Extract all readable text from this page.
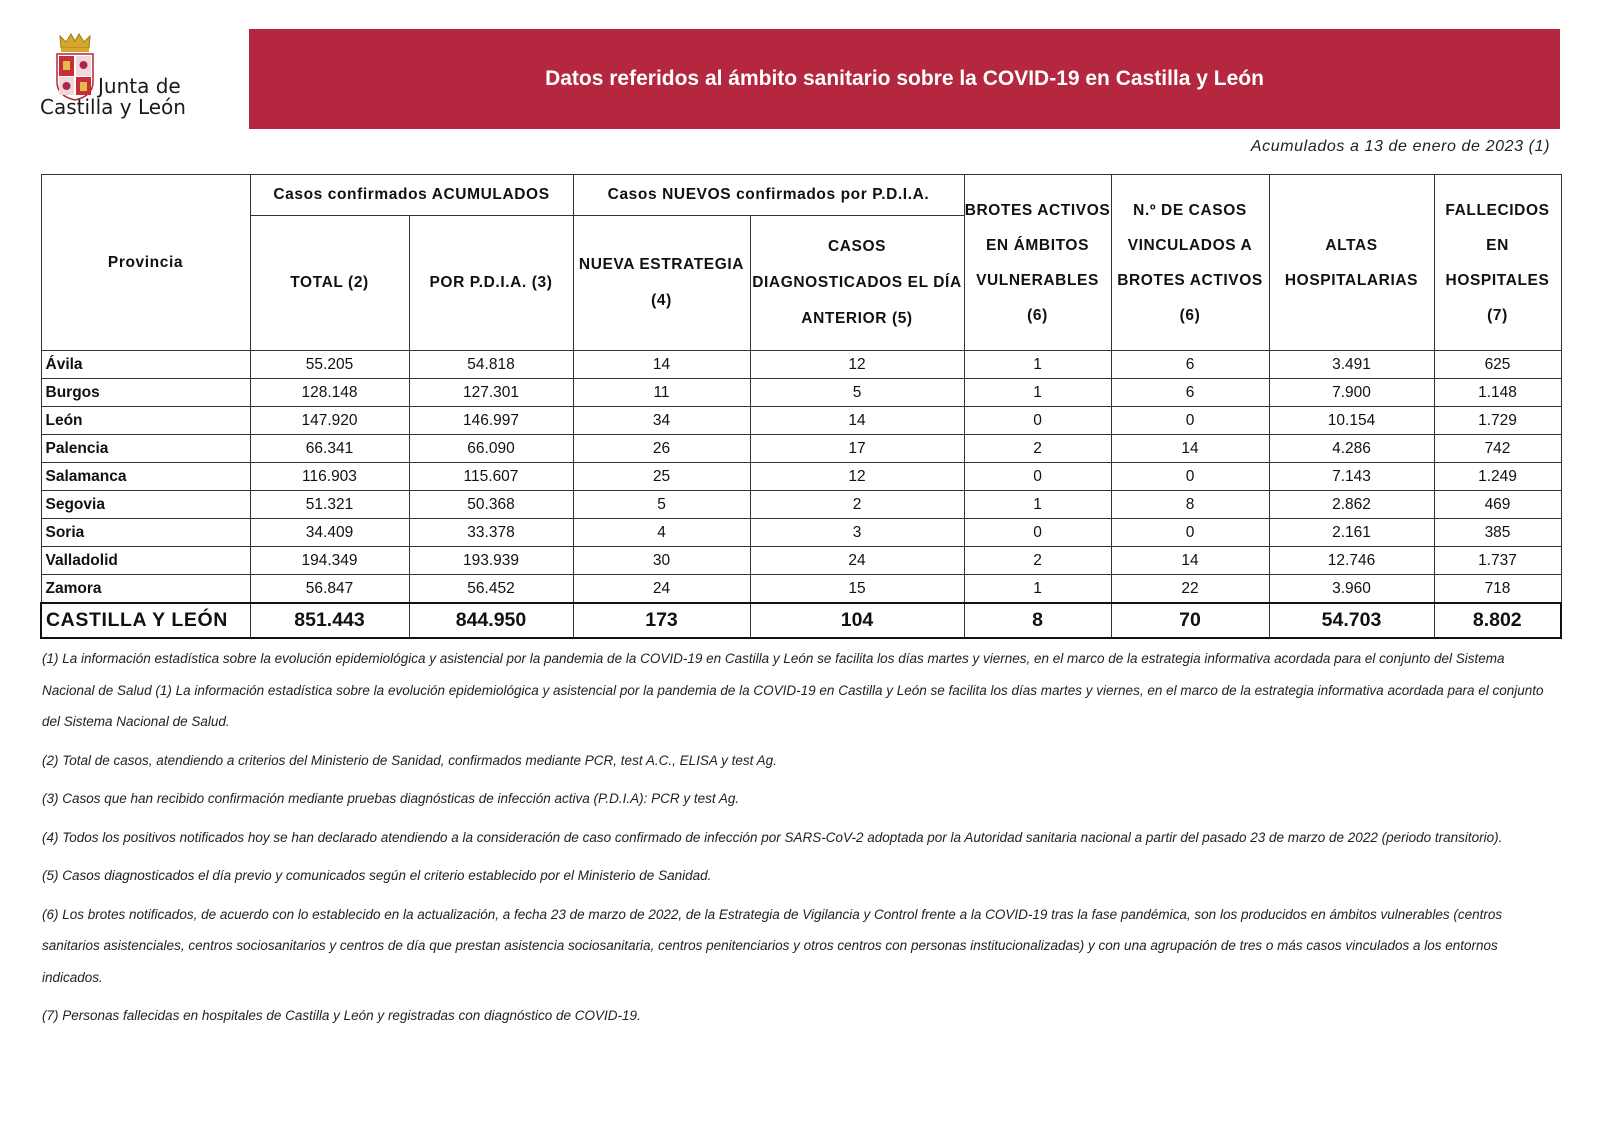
Junta de
Castilla y León
Datos referidos al ámbito sanitario sobre la COVID-19 en Castilla y León
Acumulados a 13 de enero de 2023 (1)
Provincia	Casos confirmados ACUMULADOS		Casos NUEVOS confirmados por P.D.I.A.		BROTES ACTIVOS EN ÁMBITOS VULNERABLES (6)	N.º DE CASOS VINCULADOS A BROTES ACTIVOS (6)	ALTAS HOSPITALARIAS	FALLECIDOS EN HOSPITALES (7)
	TOTAL (2)	POR P.D.I.A. (3)	NUEVA ESTRATEGIA (4)	CASOS DIAGNOSTICADOS EL DÍA ANTERIOR (5)				
Ávila	55.205	54.818	14	12	1	6	3.491	625
Burgos	128.148	127.301	11	5	1	6	7.900	1.148
León	147.920	146.997	34	14	0	0	10.154	1.729
Palencia	66.341	66.090	26	17	2	14	4.286	742
Salamanca	116.903	115.607	25	12	0	0	7.143	1.249
Segovia	51.321	50.368	5	2	1	8	2.862	469
Soria	34.409	33.378	4	3	0	0	2.161	385
Valladolid	194.349	193.939	30	24	2	14	12.746	1.737
Zamora	56.847	56.452	24	15	1	22	3.960	718
CASTILLA Y LEÓN	851.443	844.950	173	104	8	70	54.703	8.802

(1) La información estadística sobre la evolución epidemiológica y asistencial por la pandemia de la COVID-19 en Castilla y León se facilita los días martes y viernes, en el marco de la estrategia informativa acordada para el conjunto del Sistema Nacional de Salud (1) La información estadística sobre la evolución epidemiológica y asistencial por la pandemia de la COVID-19 en Castilla y León se facilita los días martes y viernes, en el marco de la estrategia informativa acordada para el conjunto del Sistema Nacional de Salud.

(2) Total de casos, atendiendo a criterios del Ministerio de Sanidad, confirmados mediante PCR, test A.C., ELISA y test Ag.

(3) Casos que han recibido confirmación mediante pruebas diagnósticas de infección activa (P.D.I.A): PCR y test Ag.

(4) Todos los positivos notificados hoy se han declarado atendiendo a la consideración de caso confirmado de infección por SARS-CoV-2 adoptada por la Autoridad sanitaria nacional a partir del pasado 23 de marzo de 2022 (periodo transitorio).

(5) Casos diagnosticados el día previo y comunicados según el criterio establecido por el Ministerio de Sanidad.

(6) Los brotes notificados, de acuerdo con lo establecido en la actualización, a fecha 23 de marzo de 2022, de la Estrategia de Vigilancia y Control frente a la COVID-19 tras la fase pandémica, son los producidos en ámbitos vulnerables (centros sanitarios asistenciales, centros sociosanitarios y centros de día que prestan asistencia sociosanitaria, centros penitenciarios y otros centros con personas institucionalizadas) y con una agrupación de tres o más casos vinculados a los entornos indicados.

(7) Personas fallecidas en hospitales de Castilla y León y registradas con diagnóstico de COVID-19.
